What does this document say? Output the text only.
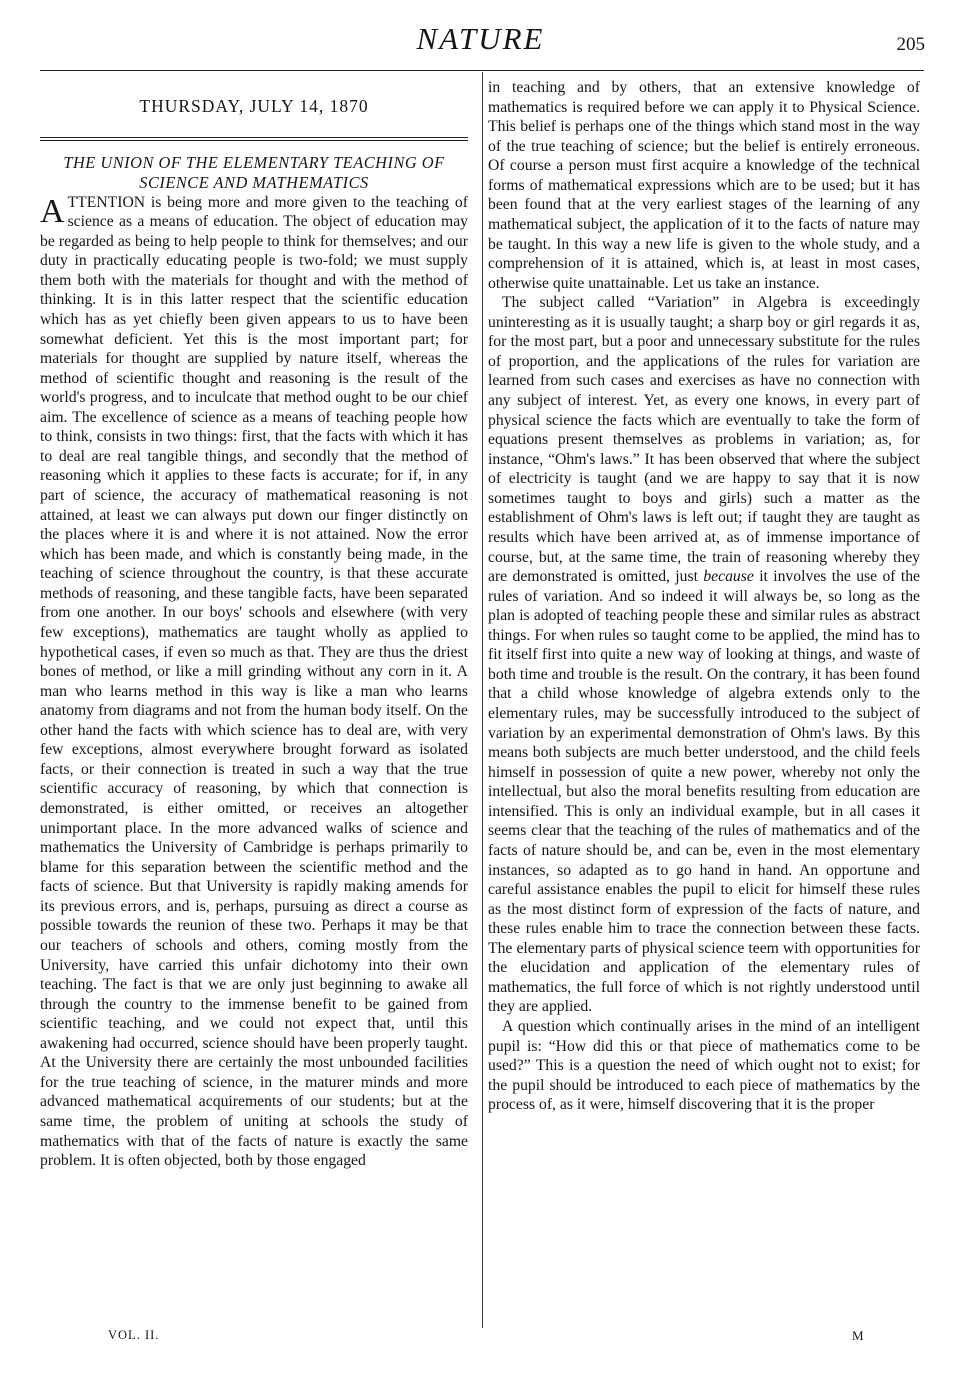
NATURE	205
THURSDAY, JULY 14, 1870
THE UNION OF THE ELEMENTARY TEACHING OF SCIENCE AND MATHEMATICS

ATTENTION is being more and more given to the teaching of science as a means of education. The object of education may be regarded as being to help people to think for themselves; and our duty in practically educating people is two-fold; we must supply them both with the materials for thought and with the method of thinking. It is in this latter respect that the scientific education which has as yet chiefly been given appears to us to have been somewhat deficient. Yet this is the most important part; for materials for thought are supplied by nature itself, whereas the method of scientific thought and reasoning is the result of the world's progress, and to inculcate that method ought to be our chief aim. The excellence of science as a means of teaching people how to think, consists in two things: first, that the facts with which it has to deal are real tangible things, and secondly that the method of reasoning which it applies to these facts is accurate; for if, in any part of science, the accuracy of mathematical reasoning is not attained, at least we can always put down our finger distinctly on the places where it is and where it is not attained. Now the error which has been made, and which is constantly being made, in the teaching of science throughout the country, is that these accurate methods of reasoning, and these tangible facts, have been separated from one another. In our boys' schools and elsewhere (with very few exceptions), mathematics are taught wholly as applied to hypothetical cases, if even so much as that. They are thus the driest bones of method, or like a mill grinding without any corn in it. A man who learns method in this way is like a man who learns anatomy from diagrams and not from the human body itself. On the other hand the facts with which science has to deal are, with very few exceptions, almost everywhere brought forward as isolated facts, or their connection is treated in such a way that the true scientific accuracy of reasoning, by which that connection is demonstrated, is either omitted, or receives an altogether unimportant place. In the more advanced walks of science and mathematics the University of Cambridge is perhaps primarily to blame for this separation between the scientific method and the facts of science. But that University is rapidly making amends for its previous errors, and is, perhaps, pursuing as direct a course as possible towards the reunion of these two. Perhaps it may be that our teachers of schools and others, coming mostly from the University, have carried this unfair dichotomy into their own teaching. The fact is that we are only just beginning to awake all through the country to the immense benefit to be gained from scientific teaching, and we could not expect that, until this awakening had occurred, science should have been properly taught. At the University there are certainly the most unbounded facilities for the true teaching of science, in the maturer minds and more advanced mathematical acquirements of our students; but at the same time, the problem of uniting at schools the study of mathematics with that of the facts of nature is exactly the same problem. It is often objected, both by those engaged

in teaching and by others, that an extensive knowledge of mathematics is required before we can apply it to Physical Science. This belief is perhaps one of the things which stand most in the way of the true teaching of science; but the belief is entirely erroneous. Of course a person must first acquire a knowledge of the technical forms of mathematical expressions which are to be used; but it has been found that at the very earliest stages of the learning of any mathematical subject, the application of it to the facts of nature may be taught. In this way a new life is given to the whole study, and a comprehension of it is attained, which is, at least in most cases, otherwise quite unattainable. Let us take an instance.

The subject called “Variation” in Algebra is exceedingly uninteresting as it is usually taught; a sharp boy or girl regards it as, for the most part, but a poor and unnecessary substitute for the rules of proportion, and the applications of the rules for variation are learned from such cases and exercises as have no connection with any subject of interest. Yet, as every one knows, in every part of physical science the facts which are eventually to take the form of equations present themselves as problems in variation; as, for instance, “Ohm's laws.” It has been observed that where the subject of electricity is taught (and we are happy to say that it is now sometimes taught to boys and girls) such a matter as the establishment of Ohm's laws is left out; if taught they are taught as results which have been arrived at, as of immense importance of course, but, at the same time, the train of reasoning whereby they are demonstrated is omitted, just because it involves the use of the rules of variation. And so indeed it will always be, so long as the plan is adopted of teaching people these and similar rules as abstract things. For when rules so taught come to be applied, the mind has to fit itself first into quite a new way of looking at things, and waste of both time and trouble is the result. On the contrary, it has been found that a child whose knowledge of algebra extends only to the elementary rules, may be successfully introduced to the subject of variation by an experimental demonstration of Ohm's laws. By this means both subjects are much better understood, and the child feels himself in possession of quite a new power, whereby not only the intellectual, but also the moral benefits resulting from education are intensified. This is only an individual example, but in all cases it seems clear that the teaching of the rules of mathematics and of the facts of nature should be, and can be, even in the most elementary instances, so adapted as to go hand in hand. An opportune and careful assistance enables the pupil to elicit for himself these rules as the most distinct form of expression of the facts of nature, and these rules enable him to trace the connection between these facts. The elementary parts of physical science teem with opportunities for the elucidation and application of the elementary rules of mathematics, the full force of which is not rightly understood until they are applied.

A question which continually arises in the mind of an intelligent pupil is: “How did this or that piece of mathematics come to be used?” This is a question the need of which ought not to exist; for the pupil should be introduced to each piece of mathematics by the process of, as it were, himself discovering that it is the proper

VOL. II.	M
